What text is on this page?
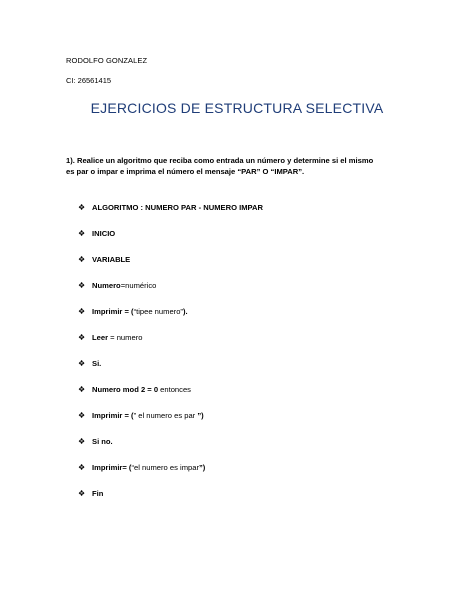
RODOLFO GONZALEZ
CI: 26561415
EJERCICIOS DE ESTRUCTURA SELECTIVA
1). Realice un algoritmo que reciba como entrada un número y determine si el mismo
es par o impar e imprima el número el mensaje “PAR” O “IMPAR”.
❖ ALGORITMO : NUMERO PAR - NUMERO IMPAR
❖ INICIO
❖ VARIABLE
❖ Numero=numérico
❖ Imprimir = (“tipee numero”).
❖ Leer = numero
❖ Si.
❖ Numero mod 2 = 0 entonces
❖ Imprimir = (” el numero es par ”)
❖ Si no.
❖ Imprimir= (“el numero es impar”)
❖ Fin
